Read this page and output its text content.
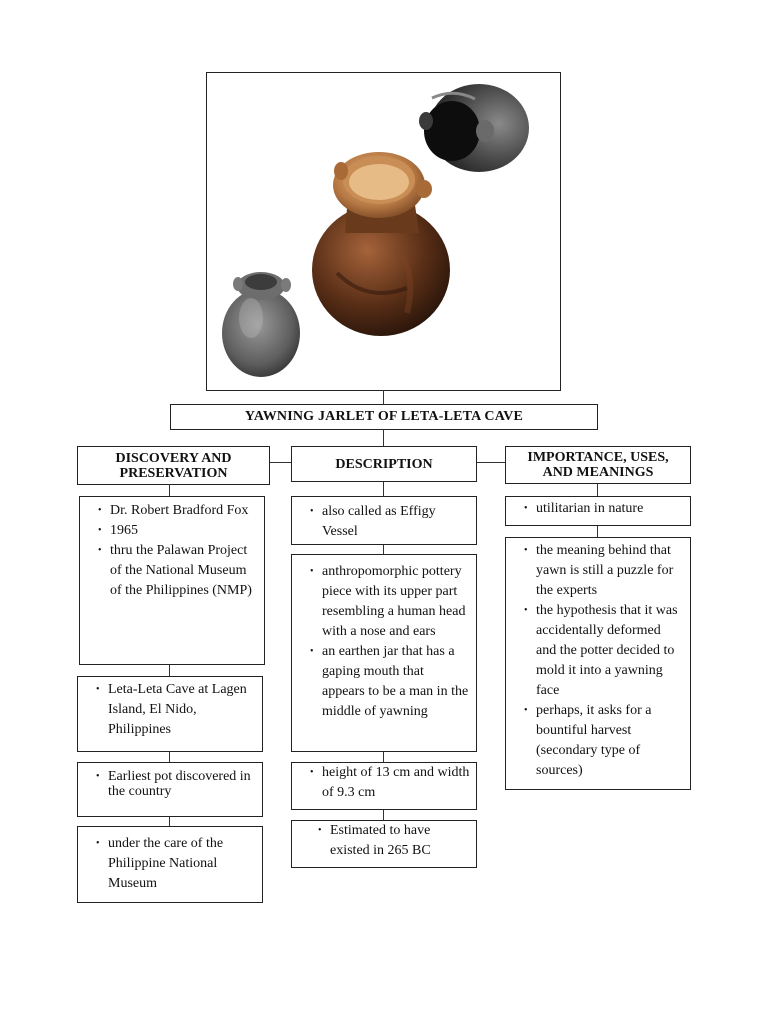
YAWNING JARLET OF LETA-LETA CAVE
DISCOVERY AND
PRESERVATION
DESCRIPTION	IMPORTANCE, USES,
AND MEANINGS
• Dr. Robert Bradford Fox
• 1965
• thru the Palawan Project of the National Museum of the Philippines (NMP)
• Leta-Leta Cave at Lagen Island, El Nido, Philippines
• Earliest pot discovered in the country
• under the care of the Philippine National Museum
• also called as Effigy Vessel
• anthropomorphic pottery piece with its upper part resembling a human head with a nose and ears
• an earthen jar that has a gaping mouth that appears to be a man in the middle of yawning
• height of 13 cm and width of 9.3 cm
• Estimated to have existed in 265 BC
• utilitarian in nature
• the meaning behind that yawn is still a puzzle for the experts
• the hypothesis that it was accidentally deformed and the potter decided to mold it into a yawning face
• perhaps, it asks for a bountiful harvest (secondary type of sources)
